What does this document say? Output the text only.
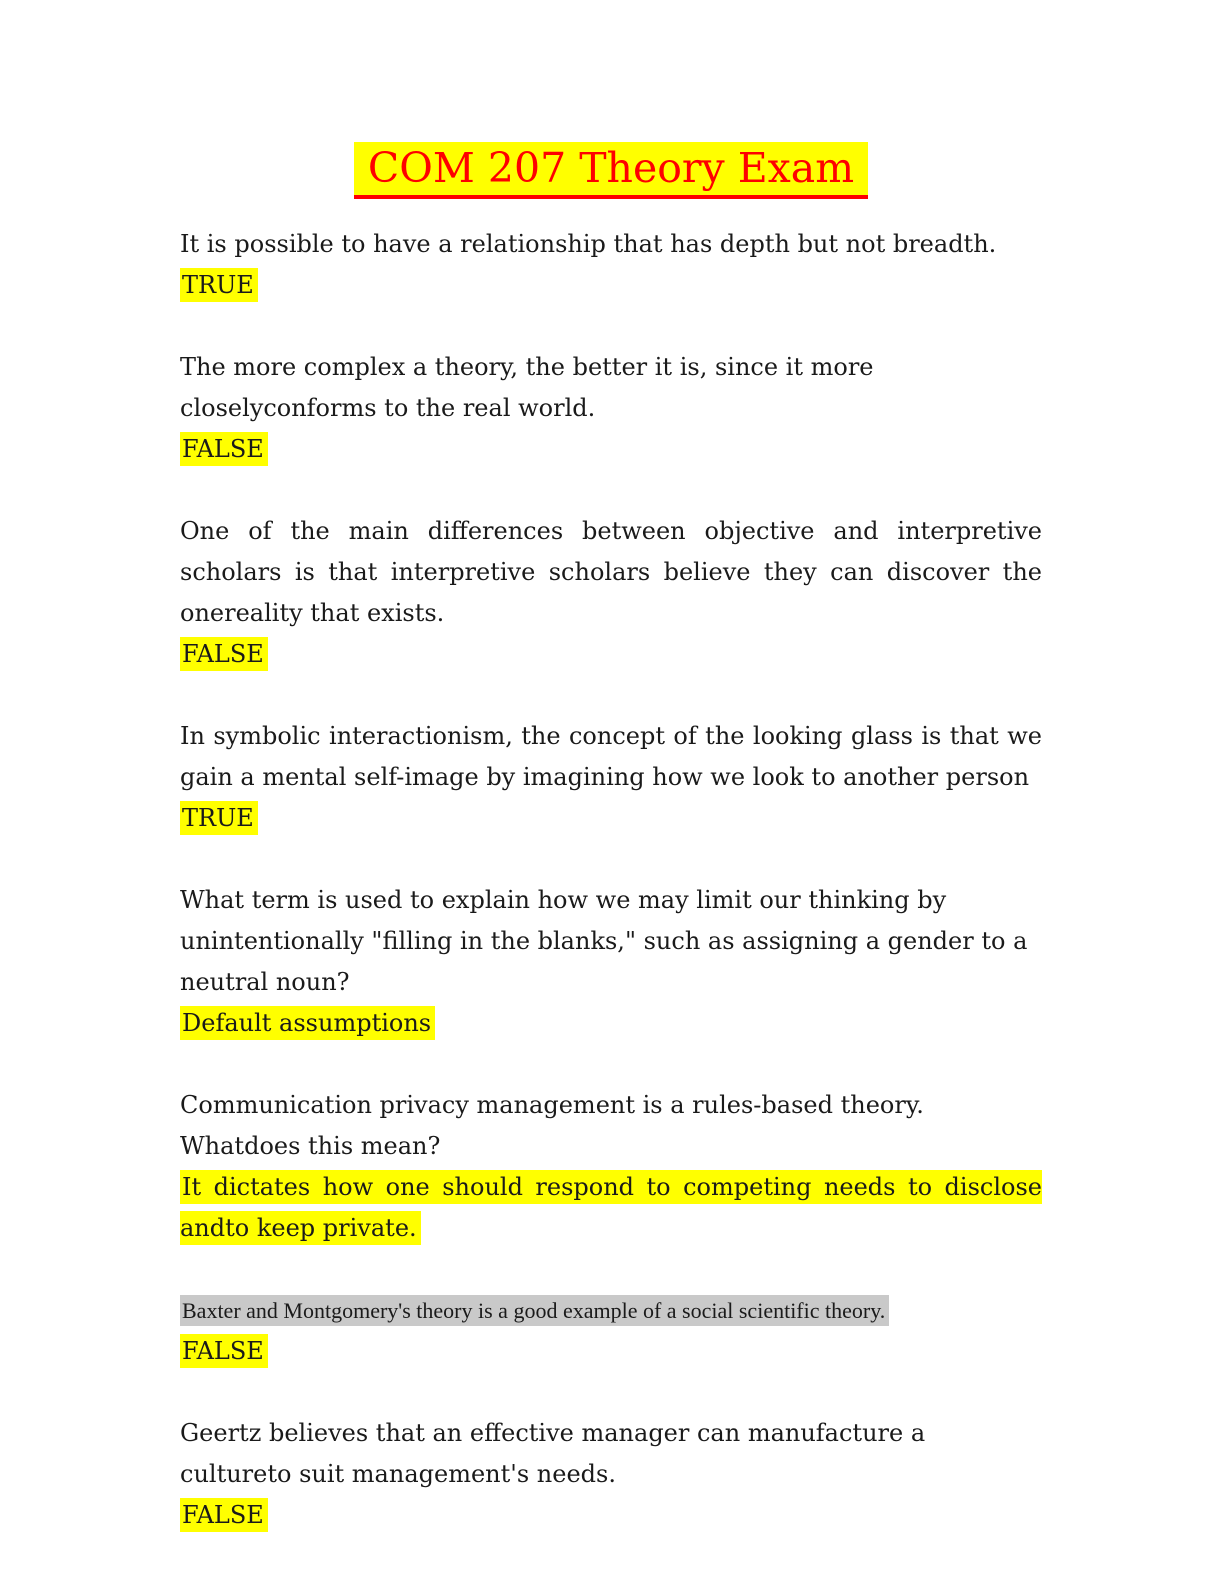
COM 207 Theory Exam

It is possible to have a relationship that has depth but not breadth.

TRUE

The more complex a theory, the better it is, since it more closelyconforms to the real world.

FALSE

One of the main differences between objective and interpretive scholars is that interpretive scholars believe they can discover the onereality that exists.

FALSE

In symbolic interactionism, the concept of the looking glass is that we gain a mental self-image by imagining how we look to another person

TRUE

What term is used to explain how we may limit our thinking by unintentionally "filling in the blanks," such as assigning a gender to a neutral noun?

Default assumptions

Communication privacy management is a rules-based theory. Whatdoes this mean?

It dictates how one should respond to competing needs to disclose andto keep private.

Baxter and Montgomery's theory is a good example of a social scientific theory.

FALSE

Geertz believes that an effective manager can manufacture a cultureto suit management's needs.

FALSE
